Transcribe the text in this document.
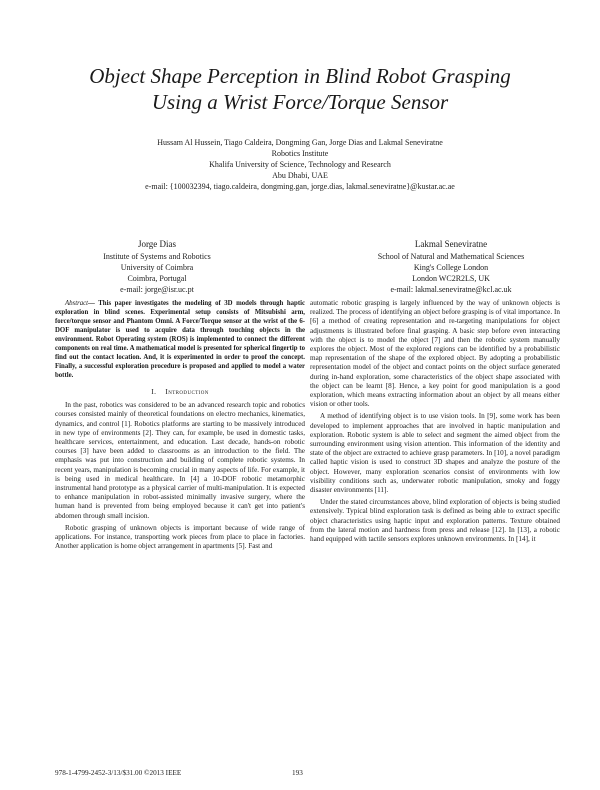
Object Shape Perception in Blind Robot Grasping
Using a Wrist Force/Torque Sensor
Hussam Al Hussein, Tiago Caldeira, Dongming Gan, Jorge Dias and Lakmal Seneviratne
Robotics Institute
Khalifa University of Science, Technology and Research
Abu Dhabi, UAE
e-mail: {100032394, tiago.caldeira, dongming.gan, jorge.dias, lakmal.seneviratne}@kustar.ac.ae
Jorge Dias
Institute of Systems and Robotics
University of Coimbra
Coimbra, Portugal
e-mail: jorge@isr.uc.pt
Lakmal Seneviratne
School of Natural and Mathematical Sciences
King's College London
London WC2R2LS, UK
e-mail: lakmal.seneviratne@kcl.ac.uk

Abstract— This paper investigates the modeling of 3D models through haptic exploration in blind scenes. Experimental setup consists of Mitsubishi arm, force/torque sensor and Phantom Omni. A Force/Torque sensor at the wrist of the 6-DOF manipulator is used to acquire data through touching objects in the environment. Robot Operating system (ROS) is implemented to connect the different components on real time. A mathematical model is presented for spherical fingertip to find out the contact location. And, it is experimented in order to proof the concept. Finally, a successful exploration procedure is proposed and applied to model a water bottle.

I. Introduction

In the past, robotics was considered to be an advanced research topic and robotics courses consisted mainly of theoretical foundations on electro mechanics, kinematics, dynamics, and control [1]. Robotics platforms are starting to be massively introduced in new type of environments [2]. They can, for example, be used in domestic tasks, healthcare services, entertainment, and education. Last decade, hands-on robotic courses [3] have been added to classrooms as an introduction to the field. The emphasis was put into construction and building of complete robotic systems. In recent years, manipulation is becoming crucial in many aspects of life. For example, it is being used in medical healthcare. In [4] a 10-DOF robotic metamorphic instrumental hand prototype as a physical carrier of multi-manipulation. It is expected to enhance manipulation in robot-assisted minimally invasive surgery, where the human hand is prevented from being employed because it can't get into patient's abdomen through small incision.

Robotic grasping of unknown objects is important because of wide range of applications. For instance, transporting work pieces from place to place in factories. Another application is home object arrangement in apartments [5]. Fast and

automatic robotic grasping is largely influenced by the way of unknown objects is realized. The process of identifying an object before grasping is of vital importance. In [6] a method of creating representation and re-targeting manipulations for object adjustments is illustrated before final grasping. A basic step before even interacting with the object is to model the object [7] and then the robotic system manually explores the object. Most of the explored regions can be identified by a probabilistic map representation of the shape of the explored object. By adopting a probabilistic representation model of the object and contact points on the object surface generated during in-hand exploration, some characteristics of the object shape associated with the object can be learnt [8]. Hence, a key point for good manipulation is a good exploration, which means extracting information about an object by all means either vision or other tools.

A method of identifying object is to use vision tools. In [9], some work has been developed to implement approaches that are involved in haptic manipulation and exploration. Robotic system is able to select and segment the aimed object from the surrounding environment using vision attention. This information of the identity and state of the object are extracted to achieve grasp parameters. In [10], a novel paradigm called haptic vision is used to construct 3D shapes and analyze the posture of the object. However, many exploration scenarios consist of environments with low visibility conditions such as, underwater robotic manipulation, smoky and foggy disaster environments [11].

Under the stated circumstances above, blind exploration of objects is being studied extensively. Typical blind exploration task is defined as being able to extract specific object characteristics using haptic input and exploration patterns. Texture obtained from the lateral motion and hardness from press and release [12]. In [13], a robotic hand equipped with tactile sensors explores unknown environments. In [14], it

978-1-4799-2452-3/13/$31.00 ©2013 IEEE	193
